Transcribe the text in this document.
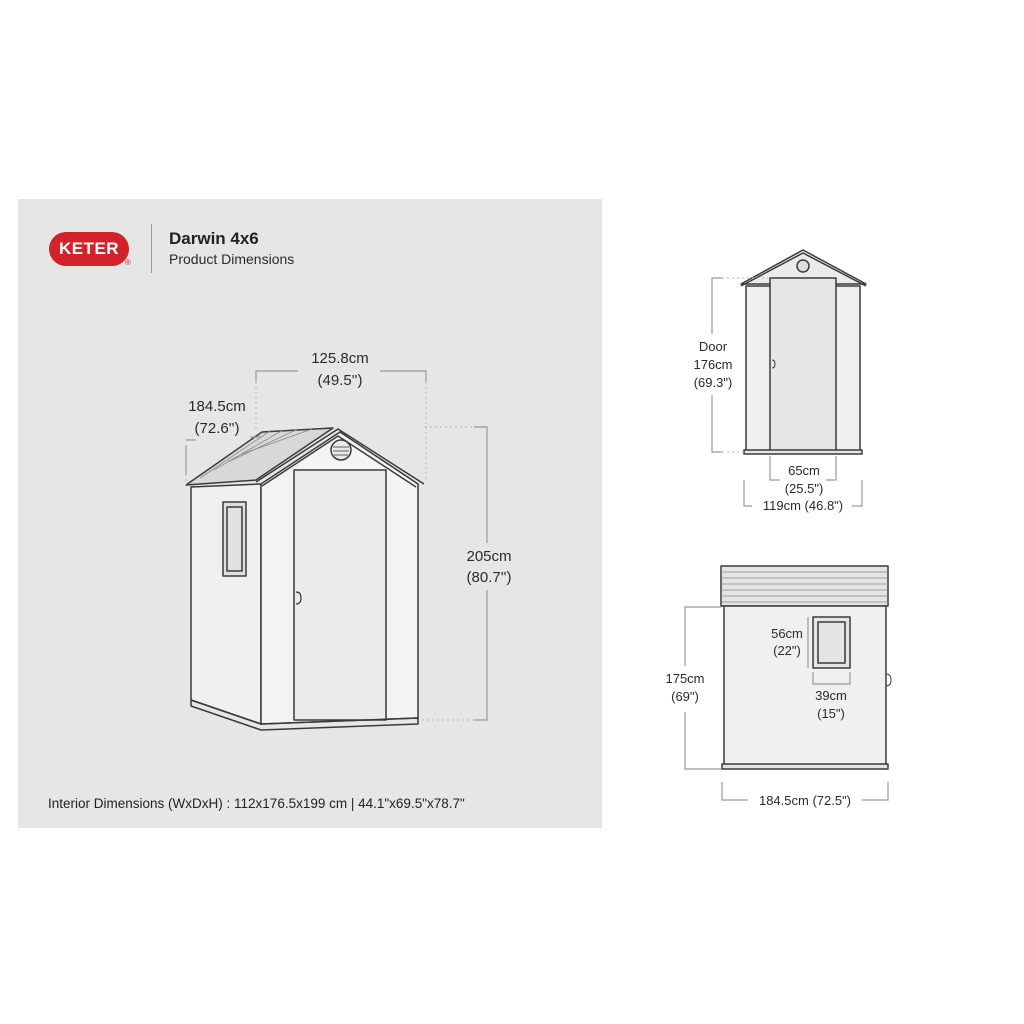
KETER
®
Darwin 4x6
Product Dimensions
125.8cm
(49.5'')
184.5cm
(72.6'')
205cm
(80.7'')
Door
176cm
(69.3")
65cm
(25.5")
119cm (46.8")
56cm
(22")
39cm
(15")
175cm
(69")
184.5cm (72.5")
Interior Dimensions (WxDxH) : 112x176.5x199 cm | 44.1"x69.5"x78.7"
